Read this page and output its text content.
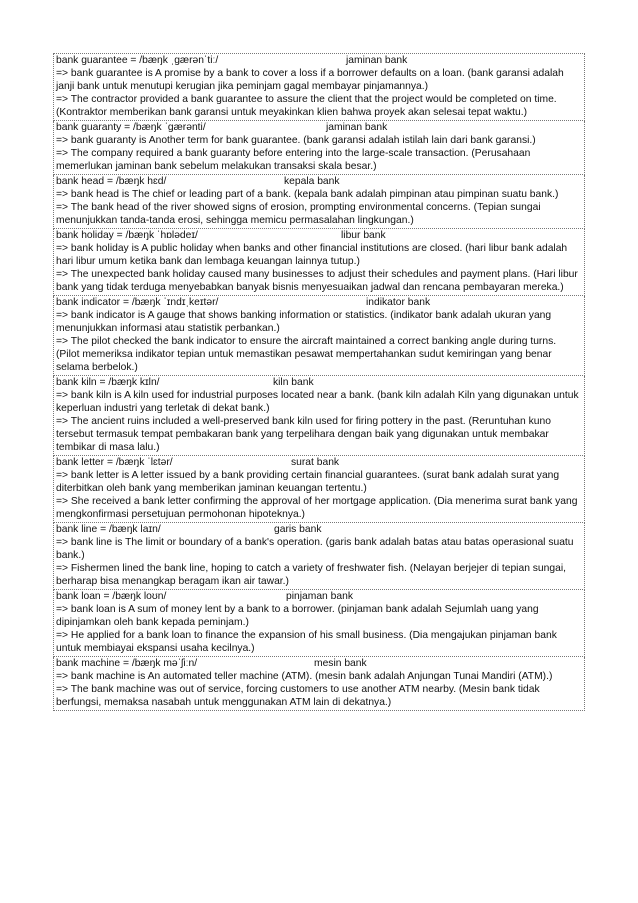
bank guarantee = /bæŋk ˌgærənˈtiː/	jaminan bank
=> bank guarantee is A promise by a bank to cover a loss if a borrower defaults on a loan. (bank garansi adalah janji bank untuk menutupi kerugian jika peminjam gagal membayar pinjamannya.)
=> The contractor provided a bank guarantee to assure the client that the project would be completed on time. (Kontraktor memberikan bank garansi untuk meyakinkan klien bahwa proyek akan selesai tepat waktu.)
bank guaranty = /bæŋk ˈɡærənti/	jaminan bank
=> bank guaranty is Another term for bank guarantee. (bank garansi adalah istilah lain dari bank garansi.)
=> The company required a bank guaranty before entering into the large-scale transaction. (Perusahaan memerlukan jaminan bank sebelum melakukan transaksi skala besar.)
bank head = /bæŋk hɛd/	kepala bank
=> bank head is The chief or leading part of a bank. (kepala bank adalah pimpinan atau pimpinan suatu bank.)
=> The bank head of the river showed signs of erosion, prompting environmental concerns. (Tepian sungai menunjukkan tanda-tanda erosi, sehingga memicu permasalahan lingkungan.)
bank holiday = /bæŋk ˈhɒlədeɪ/	libur bank
=> bank holiday is A public holiday when banks and other financial institutions are closed. (hari libur bank adalah hari libur umum ketika bank dan lembaga keuangan lainnya tutup.)
=> The unexpected bank holiday caused many businesses to adjust their schedules and payment plans. (Hari libur bank yang tidak terduga menyebabkan banyak bisnis menyesuaikan jadwal dan rencana pembayaran mereka.)
bank indicator = /bæŋk ˈɪndɪˌkeɪtər/	indikator bank
=> bank indicator is A gauge that shows banking information or statistics. (indikator bank adalah ukuran yang menunjukkan informasi atau statistik perbankan.)
=> The pilot checked the bank indicator to ensure the aircraft maintained a correct banking angle during turns. (Pilot memeriksa indikator tepian untuk memastikan pesawat mempertahankan sudut kemiringan yang benar selama berbelok.)
bank kiln = /bæŋk kɪln/	kiln bank
=> bank kiln is A kiln used for industrial purposes located near a bank. (bank kiln adalah Kiln yang digunakan untuk keperluan industri yang terletak di dekat bank.)
=> The ancient ruins included a well-preserved bank kiln used for firing pottery in the past. (Reruntuhan kuno tersebut termasuk tempat pembakaran bank yang terpelihara dengan baik yang digunakan untuk membakar tembikar di masa lalu.)
bank letter = /bæŋk ˈlɛtər/	surat bank
=> bank letter is A letter issued by a bank providing certain financial guarantees. (surat bank adalah surat yang diterbitkan oleh bank yang memberikan jaminan keuangan tertentu.)
=> She received a bank letter confirming the approval of her mortgage application. (Dia menerima surat bank yang mengkonfirmasi persetujuan permohonan hipoteknya.)
bank line = /bæŋk laɪn/	garis bank
=> bank line is The limit or boundary of a bank's operation. (garis bank adalah batas atau batas operasional suatu bank.)
=> Fishermen lined the bank line, hoping to catch a variety of freshwater fish. (Nelayan berjejer di tepian sungai, berharap bisa menangkap beragam ikan air tawar.)
bank loan = /bæŋk loʊn/	pinjaman bank
=> bank loan is A sum of money lent by a bank to a borrower. (pinjaman bank adalah Sejumlah uang yang dipinjamkan oleh bank kepada peminjam.)
=> He applied for a bank loan to finance the expansion of his small business. (Dia mengajukan pinjaman bank untuk membiayai ekspansi usaha kecilnya.)
bank machine = /bæŋk məˈʃiːn/	mesin bank
=> bank machine is An automated teller machine (ATM). (mesin bank adalah Anjungan Tunai Mandiri (ATM).)
=> The bank machine was out of service, forcing customers to use another ATM nearby. (Mesin bank tidak berfungsi, memaksa nasabah untuk menggunakan ATM lain di dekatnya.)
